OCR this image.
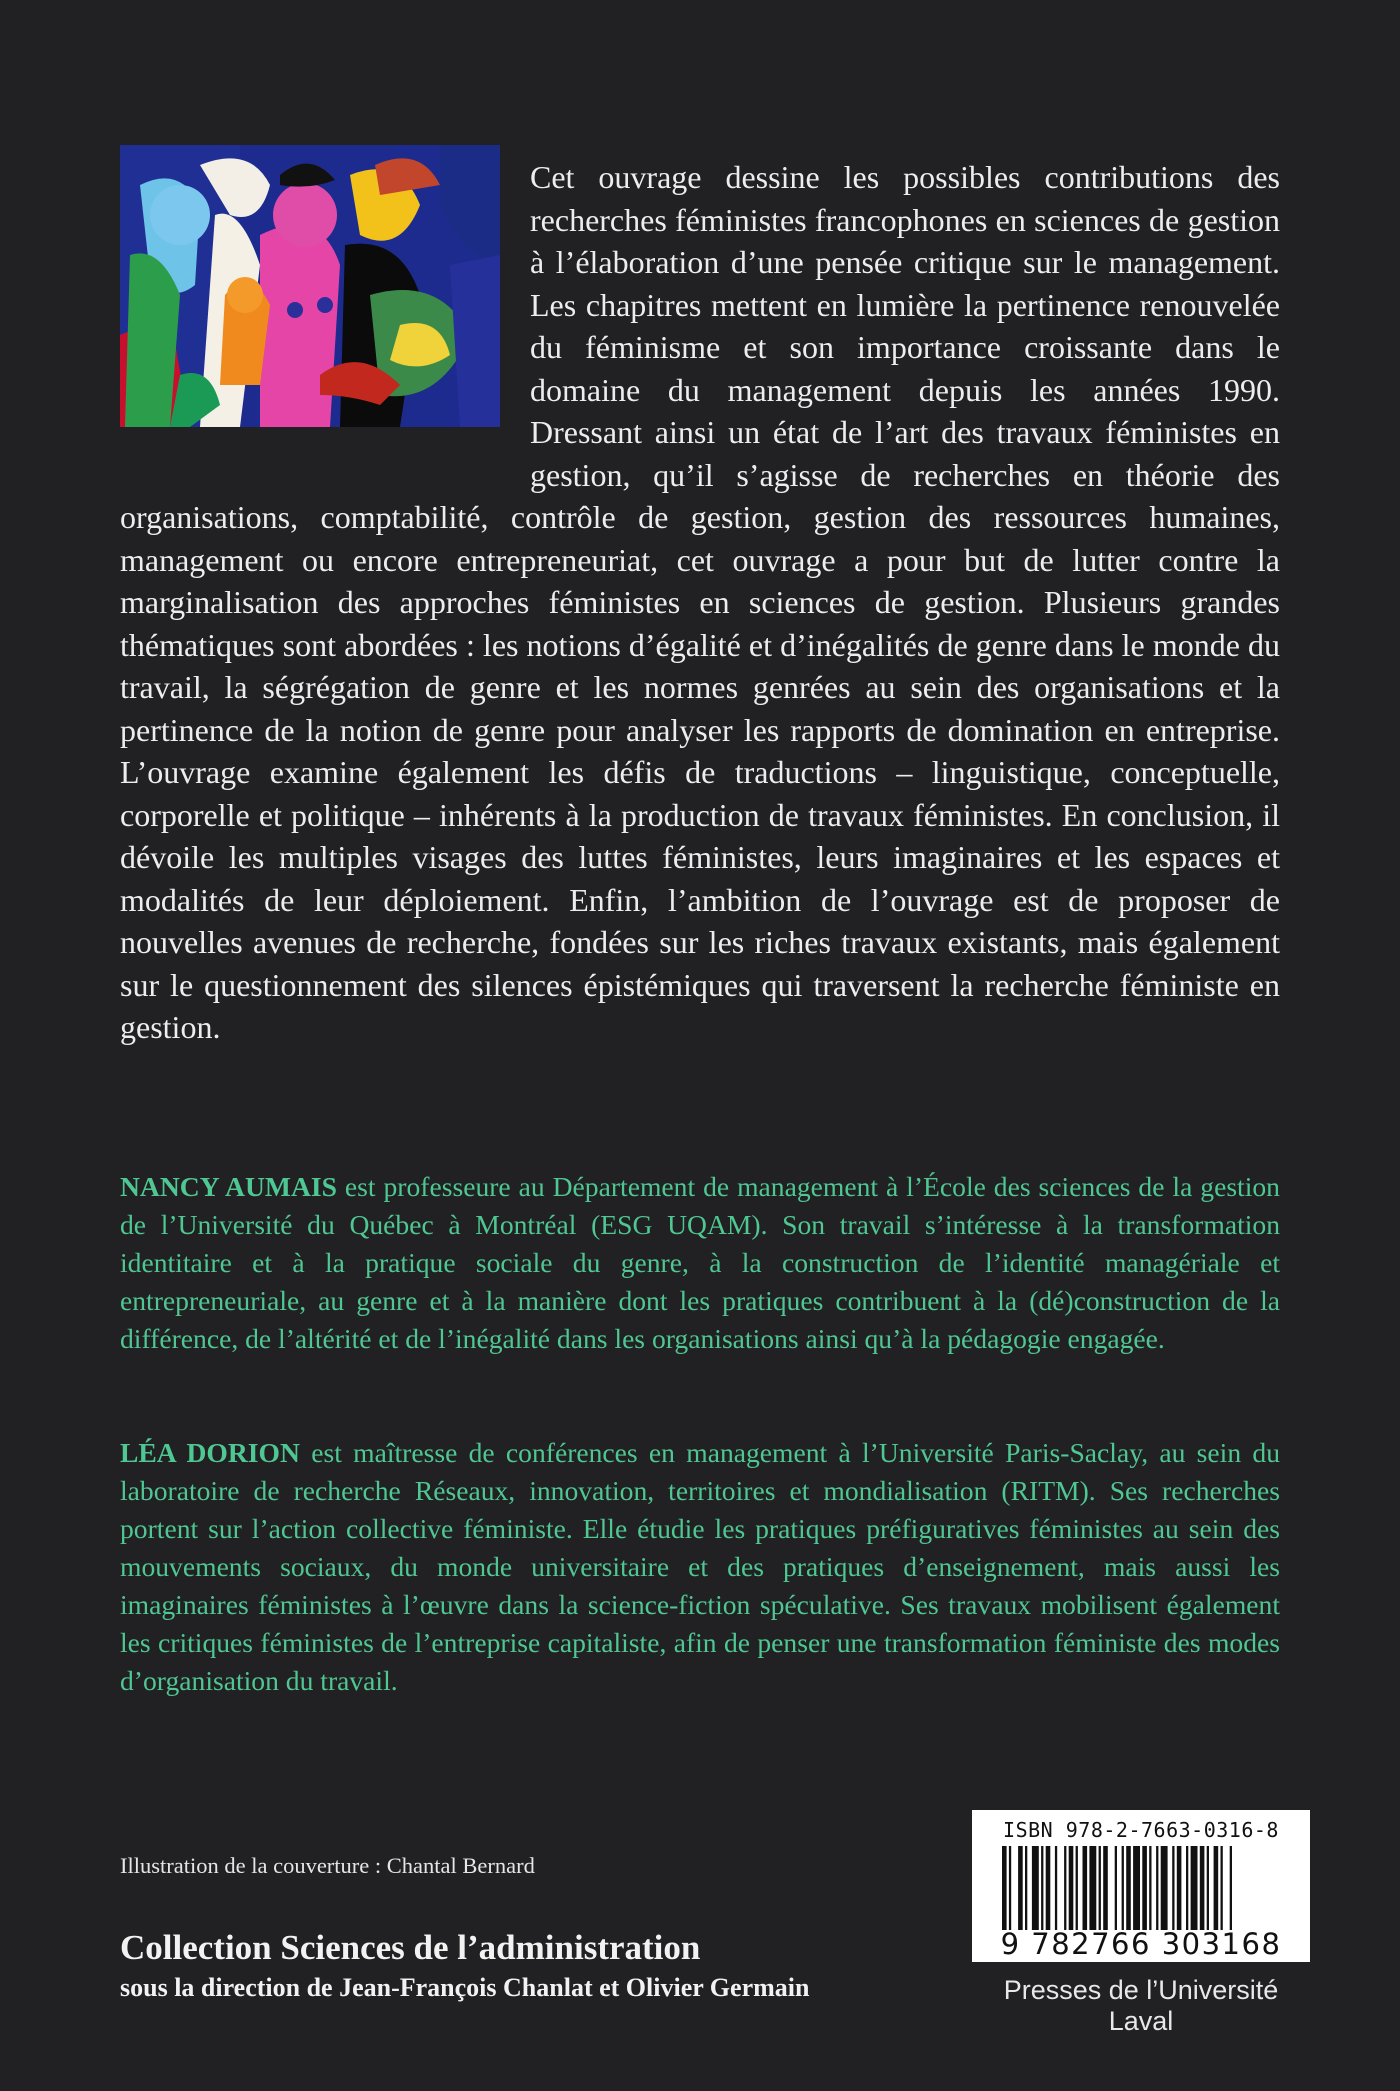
Cet ouvrage dessine les possibles contributions des recherches féministes francophones en sciences de gestion à l’élaboration d’une pensée critique sur le management. Les chapitres mettent en lumière la pertinence renouvelée du féminisme et son importance croissante dans le domaine du management depuis les années 1990. Dressant ainsi un état de l’art des travaux féministes en gestion, qu’il s’agisse de recherches en théorie des organisations, comptabilité, contrôle de gestion, gestion des ressources humaines, management ou encore entrepreneuriat, cet ouvrage a pour but de lutter contre la marginalisation des approches féministes en sciences de gestion. Plusieurs grandes thématiques sont abordées : les notions d’égalité et d’inégalités de genre dans le monde du travail, la ségrégation de genre et les normes genrées au sein des organisations et la pertinence de la notion de genre pour analyser les rapports de domination en entreprise. L’ouvrage examine également les défis de traductions – linguistique, conceptuelle, corporelle et politique – inhérents à la production de travaux féministes. En conclusion, il dévoile les multiples visages des luttes féministes, leurs imaginaires et les espaces et modalités de leur déploiement. Enfin, l’ambition de l’ouvrage est de proposer de nouvelles avenues de recherche, fondées sur les riches travaux existants, mais également sur le questionnement des silences épistémiques qui traversent la recherche féministe en gestion.

NANCY AUMAIS est professeure au Département de management à l’École des sciences de la gestion de l’Université du Québec à Montréal (ESG UQAM). Son travail s’intéresse à la transformation identitaire et à la pratique sociale du genre, à la construction de l’identité managériale et entrepreneuriale, au genre et à la manière dont les pratiques contribuent à la (dé)construction de la différence, de l’altérité et de l’inégalité dans les organisations ainsi qu’à la pédagogie engagée.

LÉA DORION est maîtresse de conférences en management à l’Université Paris-Saclay, au sein du laboratoire de recherche Réseaux, innovation, territoires et mondialisation (RITM). Ses recherches portent sur l’action collective féministe. Elle étudie les pratiques préfiguratives féministes au sein des mouvements sociaux, du monde universitaire et des pratiques d’enseignement, mais aussi les imaginaires féministes à l’œuvre dans la science-fiction spéculative. Ses travaux mobilisent également les critiques féministes de l’entreprise capitaliste, afin de penser une transformation féministe des modes d’organisation du travail.

Illustration de la couverture : Chantal Bernard
Collection Sciences de l’administration
sous la direction de Jean-François Chanlat et Olivier Germain
ISBN 978-2-7663-0316-8
9 782766 303168
Presses de l’Université Laval
